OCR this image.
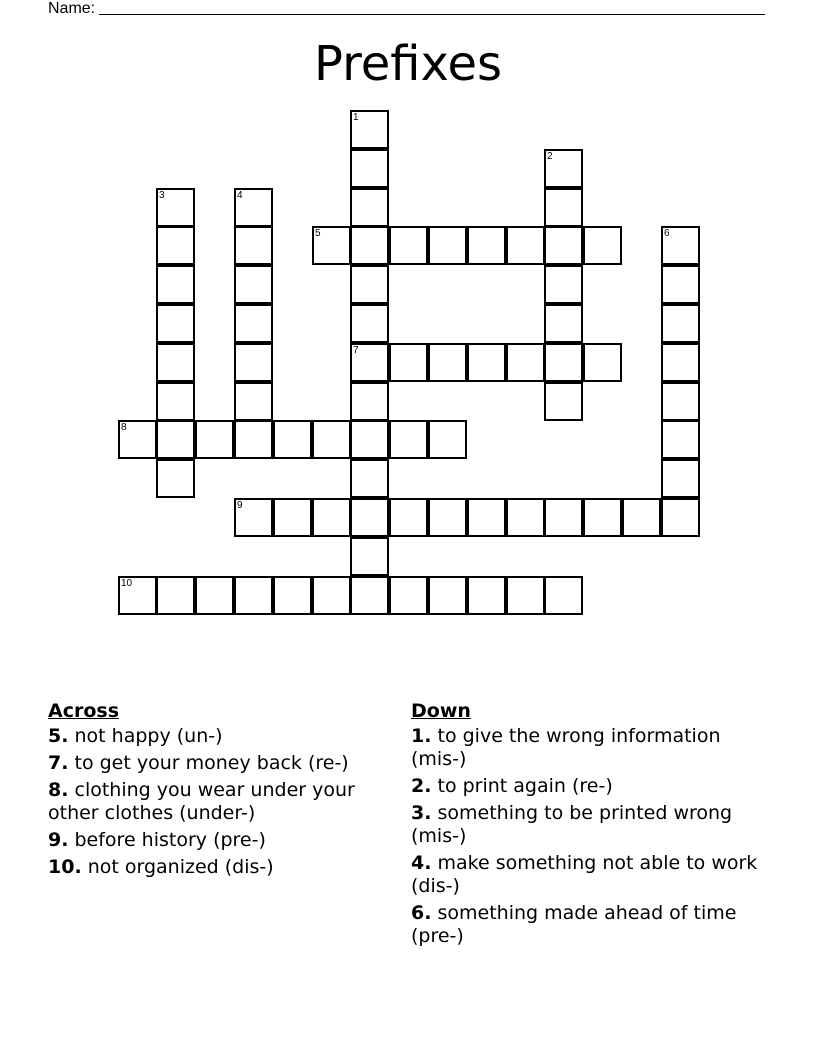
Name:
Prefixes
1
7
2
3	4
5	6
8
9
10
Across
5. not happy (un-)
7. to get your money back (re-)
8. clothing you wear under your other clothes (under-)
9. before history (pre-)
10. not organized (dis-)
Down
1. to give the wrong information (mis-)
2. to print again (re-)
3. something to be printed wrong (mis-)
4. make something not able to work (dis-)
6. something made ahead of time (pre-)
